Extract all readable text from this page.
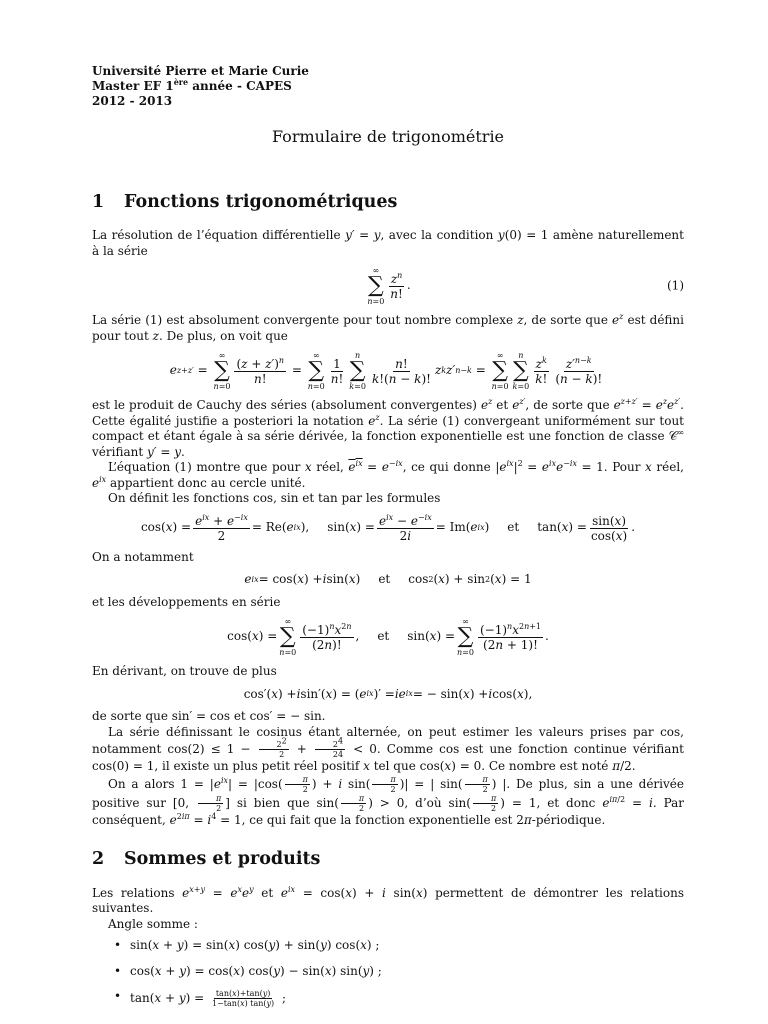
Université Pierre et Marie Curie
Master EF 1ère année - CAPES
2012 - 2013
Formulaire de trigonométrie
1 Fonctions trigonométriques

La résolution de l’équation différentielle y′ = y, avec la condition y(0) = 1 amène naturellement à la série

∞
∑
n=0
$\frac{z^n}{n!}$ .	(1)

La série (1) est absolument convergente pour tout nombre complexe z, de sorte que $e^z$ est défini pour tout z. De plus, on voit que

e z+z′ =
∞
∑
n=0
$\frac{(z + z')^n}{n!}$ =
∞
∑
n=0
$\frac{1}{n!}$
n
∑
k=0
$\frac{n!}{k!(n - k)!}$ z k z′ n−k =
∞
∑
n=0
n
∑
k=0
$\frac{z^k}{k!} \frac{z'^{n-k}}{(n - k)!}$

est le produit de Cauchy des séries (absolument convergentes) $e^z$ et $e^{z'}$, de sorte que $e^{z+z'} = e^ze^{z'}$. Cette égalité justifie a posteriori la notation $e^z$. La série (1) convergeant uniformément sur tout compact et étant égale à sa série dérivée, la fonction exponentielle est une fonction de classe 𝒞∞ vérifiant y′ = y.

L’équation (1) montre que pour x réel, $e^{ix} = e^{-ix}$, ce qui donne $|e^{ix}|^2 = e^{ix}e^{-ix} = 1$. Pour x réel, $e^{ix}$ appartient donc au cercle unité.

On définit les fonctions cos, sin et tan par les formules

cos( x ) = $\frac{e^{ix} + e^{-ix}}{2} = Re$( e ix ),
sin( x ) = $\frac{e^{ix} - e^{-ix}}{2i} = Im$( e ix ) et
tan( x ) = $\frac{\sin(x)}{\cos(x)}$ .

On a notamment

e ix = cos( x ) + i sin( x ) et cos 2 ( x ) + sin 2 ( x ) = 1

et les développements en série

cos( x ) =
∞
∑
n=0
$\frac{(-1)^nx^{2n}}{(2n)!}$ , et
sin( x ) =
∞
∑
n=0
$\frac{(-1)^nx^{2n+1}}{(2n + 1)!}$ .

En dérivant, on trouve de plus

cos′( x ) + i sin′( x ) = ( e ix )′ = ie ix = − sin( x ) + i cos( x ),

de sorte que sin′ = cos et cos′ = − sin.

La série définissant le cosinus étant alternée, on peut estimer les valeurs prises par cos, notamment $\cos(2) \le 1 - \frac{2^2}{2} + \frac{2^4}{24} < 0$. Comme cos est une fonction continue vérifiant cos(0) = 1, il existe un plus petit réel positif x tel que cos(x) = 0. Ce nombre est noté π/2.

On a alors $1 = |e^{ix}| = |\cos( \frac{\pi}{2}$ ) + i $\sin( \frac{\pi}{2}$ )| = | $\sin( \frac{\pi}{2}$ ) |. De plus, sin a une dérivée positive sur [0, $\frac{\pi}{2}$ ] si bien que $\sin( \frac{\pi}{2}$ ) > 0, d’où $\sin( \frac{\pi}{2}$ ) = 1, et donc $e^{i\pi/2} = i$. Par conséquent, $e^{2i\pi} = i^4 = 1$, ce qui fait que la fonction exponentielle est 2π-périodique.

2 Sommes et produits

Les relations $e^{x+y} = e^xe^y$ et $e^{ix} = \cos(x) + i$ sin(x) permettent de démontrer les relations suivantes.

Angle somme :

• sin(x + y) = sin(x) cos(y) + sin(y) cos(x) ;
• cos(x + y) = cos(x) cos(y) − sin(x) sin(y) ;
• $\tan(x + y) = \frac{\tan(x)+\tan(y)}{1-\tan(x) \tan(y)}$ ;
